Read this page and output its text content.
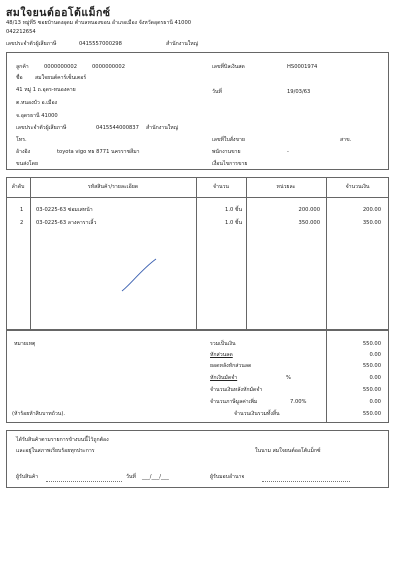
สมใจยนต์ออโต้แม็กซ์
48/13 หมู่ที่5 ซอยบ้านดงอุดม ตำบลหนองขอน อำเภอเมือง จังหวัดอุดรธานี 41000
042212654
เลขประจำตัวผู้เสียภาษี	0415557000298	สำนักงานใหญ่
ลูกค้า	0000000002	0000000002
ชื่อ สมใจยนต์คาร์เซ็นเตอร์
41 หมู่ 1 ถ.อุดร-หนองคาย
ต.หนองบัว อ.เมือง
จ.อุดรธานี 41000
เลขประจำตัวผู้เสียภาษี	0415544000837 สำนักงานใหญ่
โทร.
อ้างอิง	toyota vigo ทธ 8771 นครราชสีมา
ขนส่งโดย
เลขที่บิลเงินสด	HS0001974
วันที่	19/03/63
เลขที่ใบสั่งขาย	สาข.
พนักงานขาย	-
เงื่อนไขการขาย
ลำดับ	รหัสสินค้า/รายละเอียด	จำนวน	หน่วยละ	จำนวนเงิน
1 03-0225-63 ซ่อมเสหน้า	1.0 ชิ้น	200.000	200.00
2 03-0225-63 ลางคาราเลิ้ว	1.0 ชิ้น	350.000	350.00
หมายเหตุ
(ห้าร้อยห้าสิบบาทถ้วน).
รวมเป็นเงิน	550.00
หักส่วนลด	0.00
ยอดหลังหักส่วนลด	550.00
หักเงินมัดจำ	%	0.00
จำนวนเงินหลังหักมัดจำ	550.00
จำนวนภาษีมูลค่าเพิ่ม	7.00%	0.00
จำนวนเงินรวมทั้งสิ้น	550.00
ได้รับสินค้าตามรายการข้างบนนี้ไว้ถูกต้อง
และอยู่ในสภาพเรียบร้อยทุกประการ	ในนาม สมใจยนต์ออโต้แม็กซ์
ผู้รับสินค้า	วันที่ ___/___/___	ผู้รับมอบอำนาจ
